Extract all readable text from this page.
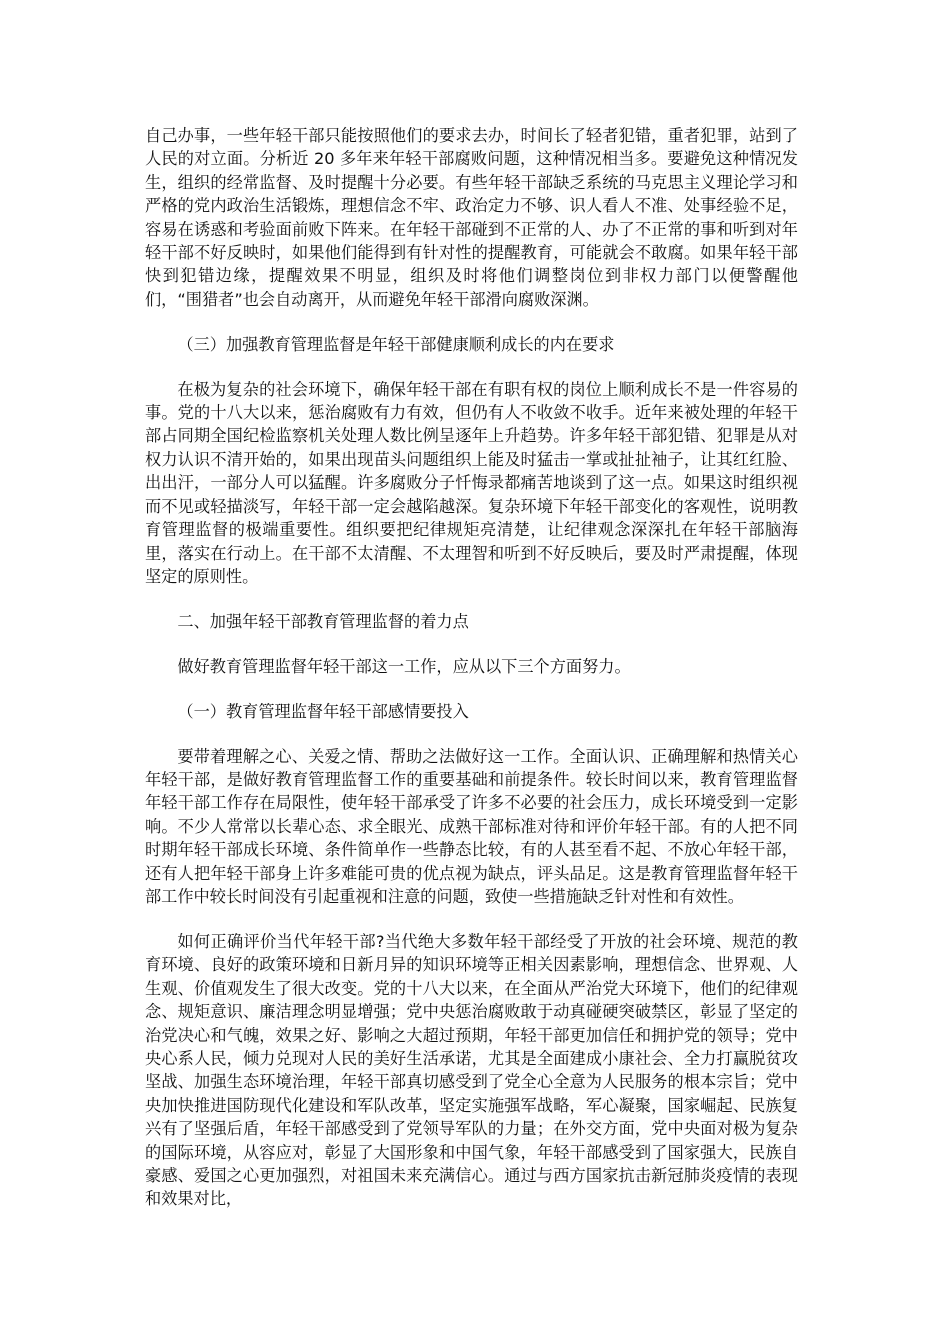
自己办事，一些年轻干部只能按照他们的要求去办，时间长了轻者犯错，重者犯罪，站到了人民的对立面。分析近 20 多年来年轻干部腐败问题，这种情况相当多。要避免这种情况发生，组织的经常监督、及时提醒十分必要。有些年轻干部缺乏系统的马克思主义理论学习和严格的党内政治生活锻炼，理想信念不牢、政治定力不够、识人看人不准、处事经验不足，容易在诱惑和考验面前败下阵来。在年轻干部碰到不正常的人、办了不正常的事和听到对年轻干部不好反映时，如果他们能得到有针对性的提醒教育，可能就会不敢腐。如果年轻干部快到犯错边缘，提醒效果不明显，组织及时将他们调整岗位到非权力部门以便警醒他们，“围猎者”也会自动离开，从而避免年轻干部滑向腐败深渊。

（三）加强教育管理监督是年轻干部健康顺利成长的内在要求

在极为复杂的社会环境下，确保年轻干部在有职有权的岗位上顺利成长不是一件容易的事。党的十八大以来，惩治腐败有力有效，但仍有人不收敛不收手。近年来被处理的年轻干部占同期全国纪检监察机关处理人数比例呈逐年上升趋势。许多年轻干部犯错、犯罪是从对权力认识不清开始的，如果出现苗头问题组织上能及时猛击一掌或扯扯袖子，让其红红脸、出出汗，一部分人可以猛醒。许多腐败分子忏悔录都痛苦地谈到了这一点。如果这时组织视而不见或轻描淡写，年轻干部一定会越陷越深。复杂环境下年轻干部变化的客观性，说明教育管理监督的极端重要性。组织要把纪律规矩亮清楚，让纪律观念深深扎在年轻干部脑海里，落实在行动上。在干部不太清醒、不太理智和听到不好反映后，要及时严肃提醒，体现坚定的原则性。

二、加强年轻干部教育管理监督的着力点

做好教育管理监督年轻干部这一工作，应从以下三个方面努力。

（一）教育管理监督年轻干部感情要投入

要带着理解之心、关爱之情、帮助之法做好这一工作。全面认识、正确理解和热情关心年轻干部，是做好教育管理监督工作的重要基础和前提条件。较长时间以来，教育管理监督年轻干部工作存在局限性，使年轻干部承受了许多不必要的社会压力，成长环境受到一定影响。不少人常常以长辈心态、求全眼光、成熟干部标准对待和评价年轻干部。有的人把不同时期年轻干部成长环境、条件简单作一些静态比较，有的人甚至看不起、不放心年轻干部，还有人把年轻干部身上许多难能可贵的优点视为缺点，评头品足。这是教育管理监督年轻干部工作中较长时间没有引起重视和注意的问题，致使一些措施缺乏针对性和有效性。

如何正确评价当代年轻干部?当代绝大多数年轻干部经受了开放的社会环境、规范的教育环境、良好的政策环境和日新月异的知识环境等正相关因素影响，理想信念、世界观、人生观、价值观发生了很大改变。党的十八大以来，在全面从严治党大环境下，他们的纪律观念、规矩意识、廉洁理念明显增强；党中央惩治腐败敢于动真碰硬突破禁区，彰显了坚定的治党决心和气魄，效果之好、影响之大超过预期，年轻干部更加信任和拥护党的领导；党中央心系人民，倾力兑现对人民的美好生活承诺，尤其是全面建成小康社会、全力打赢脱贫攻坚战、加强生态环境治理，年轻干部真切感受到了党全心全意为人民服务的根本宗旨；党中央加快推进国防现代化建设和军队改革，坚定实施强军战略，军心凝聚，国家崛起、民族复兴有了坚强后盾，年轻干部感受到了党领导军队的力量；在外交方面，党中央面对极为复杂的国际环境，从容应对，彰显了大国形象和中国气象，年轻干部感受到了国家强大，民族自豪感、爱国之心更加强烈，对祖国未来充满信心。通过与西方国家抗击新冠肺炎疫情的表现和效果对比，
